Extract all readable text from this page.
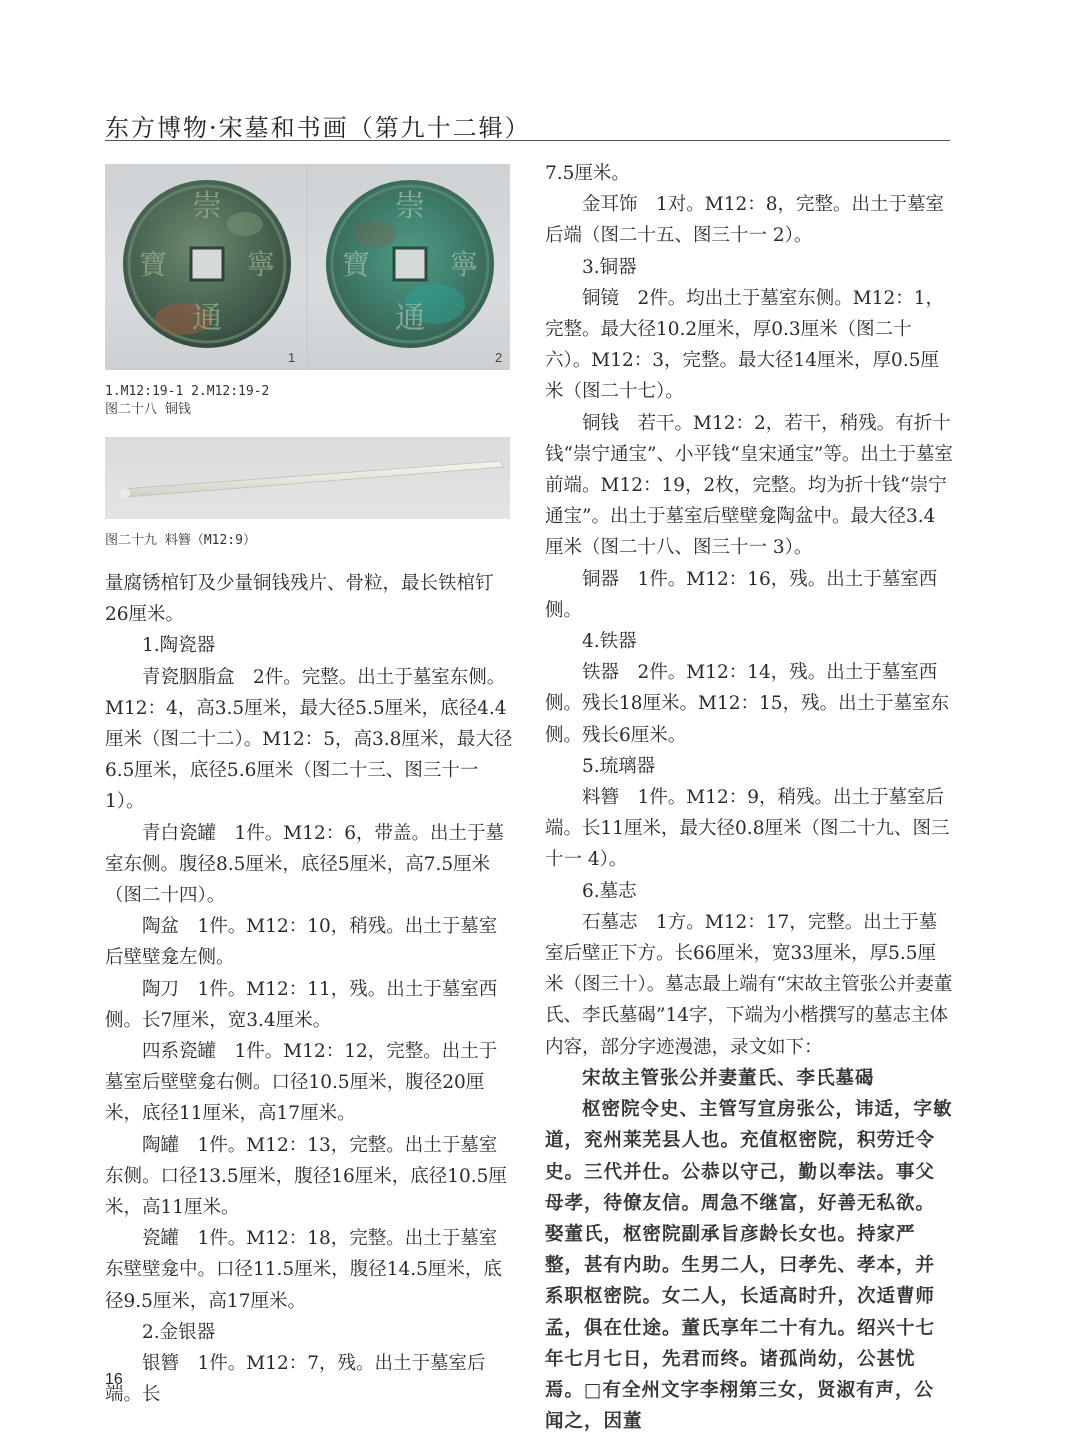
东方博物·宋墓和书画（第九十二辑）
崇
通
寶	寧
崇
通
寶	寧
1	2
1.M12:19-1 2.M12:19-2
图二十八 铜钱
图二十九 料簪（M12:9）

量腐锈棺钉及少量铜钱残片、骨粒，最长铁棺钉26厘米。

1.陶瓷器

青瓷胭脂盒　2件。完整。出土于墓室东侧。M12：4，高3.5厘米，最大径5.5厘米，底径4.4厘米（图二十二）。M12：5，高3.8厘米，最大径6.5厘米，底径5.6厘米（图二十三、图三十一 1）。

青白瓷罐　1件。M12：6，带盖。出土于墓室东侧。腹径8.5厘米，底径5厘米，高7.5厘米（图二十四）。

陶盆　1件。M12：10，稍残。出土于墓室后壁壁龛左侧。

陶刀　1件。M12：11，残。出土于墓室西侧。长7厘米，宽3.4厘米。

四系瓷罐　1件。M12：12，完整。出土于墓室后壁壁龛右侧。口径10.5厘米，腹径20厘米，底径11厘米，高17厘米。

陶罐　1件。M12：13，完整。出土于墓室东侧。口径13.5厘米，腹径16厘米，底径10.5厘米，高11厘米。

瓷罐　1件。M12：18，完整。出土于墓室东壁壁龛中。口径11.5厘米，腹径14.5厘米，底径9.5厘米，高17厘米。

2.金银器

银簪　1件。M12：7，残。出土于墓室后端。长

7.5厘米。

金耳饰　1对。M12：8，完整。出土于墓室后端（图二十五、图三十一 2）。

3.铜器

铜镜　2件。均出土于墓室东侧。M12：1，完整。最大径10.2厘米，厚0.3厘米（图二十六）。M12：3，完整。最大径14厘米，厚0.5厘米（图二十七）。

铜钱　若干。M12：2，若干，稍残。有折十钱“崇宁通宝”、小平钱“皇宋通宝”等。出土于墓室前端。M12：19，2枚，完整。均为折十钱“崇宁通宝”。出土于墓室后壁壁龛陶盆中。最大径3.4厘米（图二十八、图三十一 3）。

铜器　1件。M12：16，残。出土于墓室西侧。

4.铁器

铁器　2件。M12：14，残。出土于墓室西侧。残长18厘米。M12：15，残。出土于墓室东侧。残长6厘米。

5.琉璃器

料簪　1件。M12：9，稍残。出土于墓室后端。长11厘米，最大径0.8厘米（图二十九、图三十一 4）。

6.墓志

石墓志　1方。M12：17，完整。出土于墓室后壁正下方。长66厘米，宽33厘米，厚5.5厘米（图三十）。墓志最上端有“宋故主管张公并妻董氏、李氏墓碣”14字，下端为小楷撰写的墓志主体内容，部分字迹漫漶，录文如下：

宋故主管张公并妻董氏、李氏墓碣

枢密院令史、主管写宣房张公，讳适，字敏道，兖州莱芜县人也。充值枢密院，积劳迁令史。三代并仕。公恭以守己，勤以奉法。事父母孝，待僚友信。周急不继富，好善无私欲。娶董氏，枢密院副承旨彦龄长女也。持家严整，甚有内助。生男二人，曰孝先、孝本，并系职枢密院。女二人，长适高时升，次适曹师孟，俱在仕途。董氏享年二十有九。绍兴十七年七月七日，先君而终。诸孤尚幼，公甚忧焉。□有全州文字李栩第三女，贤淑有声，公闻之，因董

16
